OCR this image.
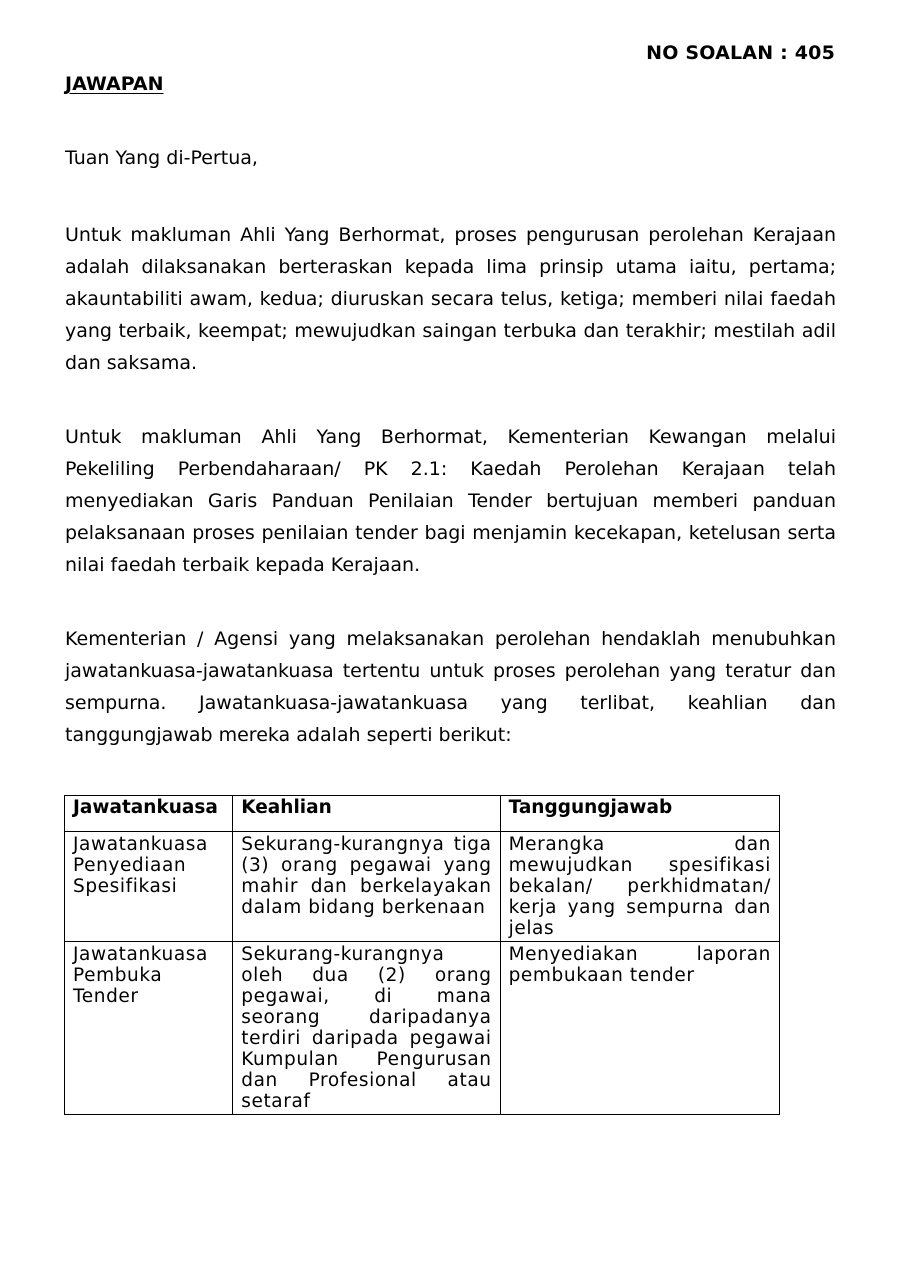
NO SOALAN : 405
JAWAPAN
Tuan Yang di-Pertua,

Untuk makluman Ahli Yang Berhormat, proses pengurusan perolehan Kerajaan adalah dilaksanakan berteraskan kepada lima prinsip utama iaitu, pertama; akauntabiliti awam, kedua; diuruskan secara telus, ketiga; memberi nilai faedah yang terbaik, keempat; mewujudkan saingan terbuka dan terakhir; mestilah adil dan saksama.

Untuk makluman Ahli Yang Berhormat, Kementerian Kewangan melalui Pekeliling Perbendaharaan/ PK 2.1: Kaedah Perolehan Kerajaan telah menyediakan Garis Panduan Penilaian Tender bertujuan memberi panduan pelaksanaan proses penilaian tender bagi menjamin kecekapan, ketelusan serta nilai faedah terbaik kepada Kerajaan.

Kementerian / Agensi yang melaksanakan perolehan hendaklah menubuhkan jawatankuasa-jawatankuasa tertentu untuk proses perolehan yang teratur dan sempurna. Jawatankuasa-jawatankuasa yang terlibat, keahlian dan tanggungjawab mereka adalah seperti berikut:

Jawatankuasa	Keahlian	Tanggungjawab
Jawatankuasa Penyediaan Spesifikasi	Sekurang-kurangnya tiga (3) orang pegawai yang mahir dan berkelayakan dalam bidang berkenaan	Merangka dan mewujudkan spesifikasi bekalan/ perkhidmatan/ kerja yang sempurna dan jelas
Jawatankuasa Pembuka Tender	Sekurang-kurangnya oleh dua (2) orang pegawai, di mana seorang daripadanya terdiri daripada pegawai Kumpulan Pengurusan dan Profesional atau setaraf	Menyediakan laporan pembukaan tender
